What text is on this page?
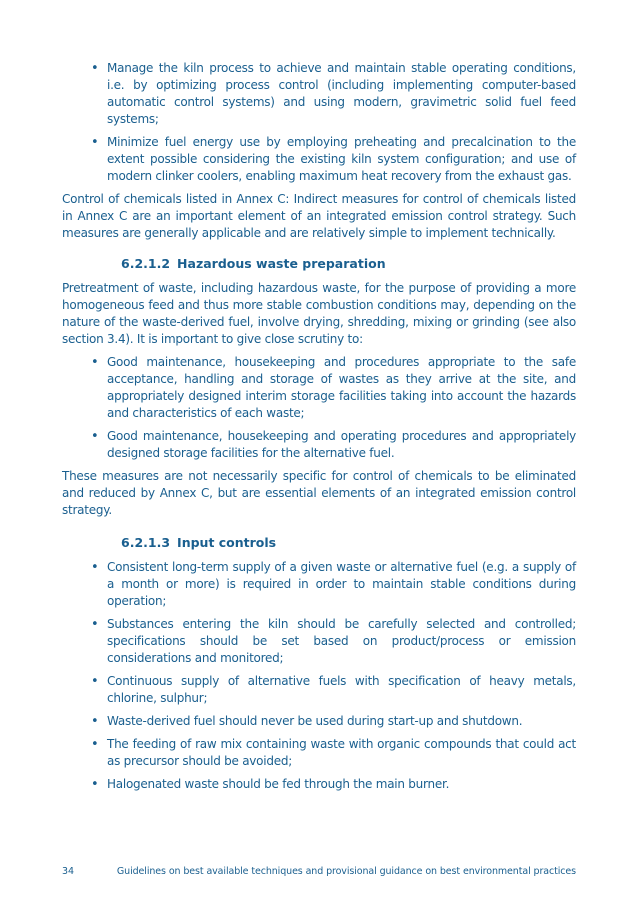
• Manage the kiln process to achieve and maintain stable operating conditions, i.e. by optimizing process control (including implementing computer-based automatic control systems) and using modern, gravimetric solid fuel feed systems;
• Minimize fuel energy use by employing preheating and precalcination to the extent possible considering the existing kiln system configuration; and use of modern clinker coolers, enabling maximum heat recovery from the exhaust gas.

Control of chemicals listed in Annex C: Indirect measures for control of chemicals listed in Annex C are an important element of an integrated emission control strategy. Such measures are generally applicable and are relatively simple to implement technically.

6.2.1.2 Hazardous waste preparation

Pretreatment of waste, including hazardous waste, for the purpose of providing a more homogeneous feed and thus more stable combustion conditions may, depending on the nature of the waste-derived fuel, involve drying, shredding, mixing or grinding (see also section 3.4). It is important to give close scrutiny to:

• Good maintenance, housekeeping and procedures appropriate to the safe acceptance, handling and storage of wastes as they arrive at the site, and appropriately designed interim storage facilities taking into account the hazards and characteristics of each waste;
• Good maintenance, housekeeping and operating procedures and appropriately designed storage facilities for the alternative fuel.

These measures are not necessarily specific for control of chemicals to be eliminated and reduced by Annex C, but are essential elements of an integrated emission control strategy.

6.2.1.3 Input controls
• Consistent long-term supply of a given waste or alternative fuel (e.g. a supply of a month or more) is required in order to maintain stable conditions during operation;
• Substances entering the kiln should be carefully selected and controlled; specifications should be set based on product/process or emission considerations and monitored;
• Continuous supply of alternative fuels with specification of heavy metals, chlorine, sulphur;
• Waste-derived fuel should never be used during start-up and shutdown.
• The feeding of raw mix containing waste with organic compounds that could act as precursor should be avoided;
• Halogenated waste should be fed through the main burner.
34	Guidelines on best available techniques and provisional guidance on best environmental practices
